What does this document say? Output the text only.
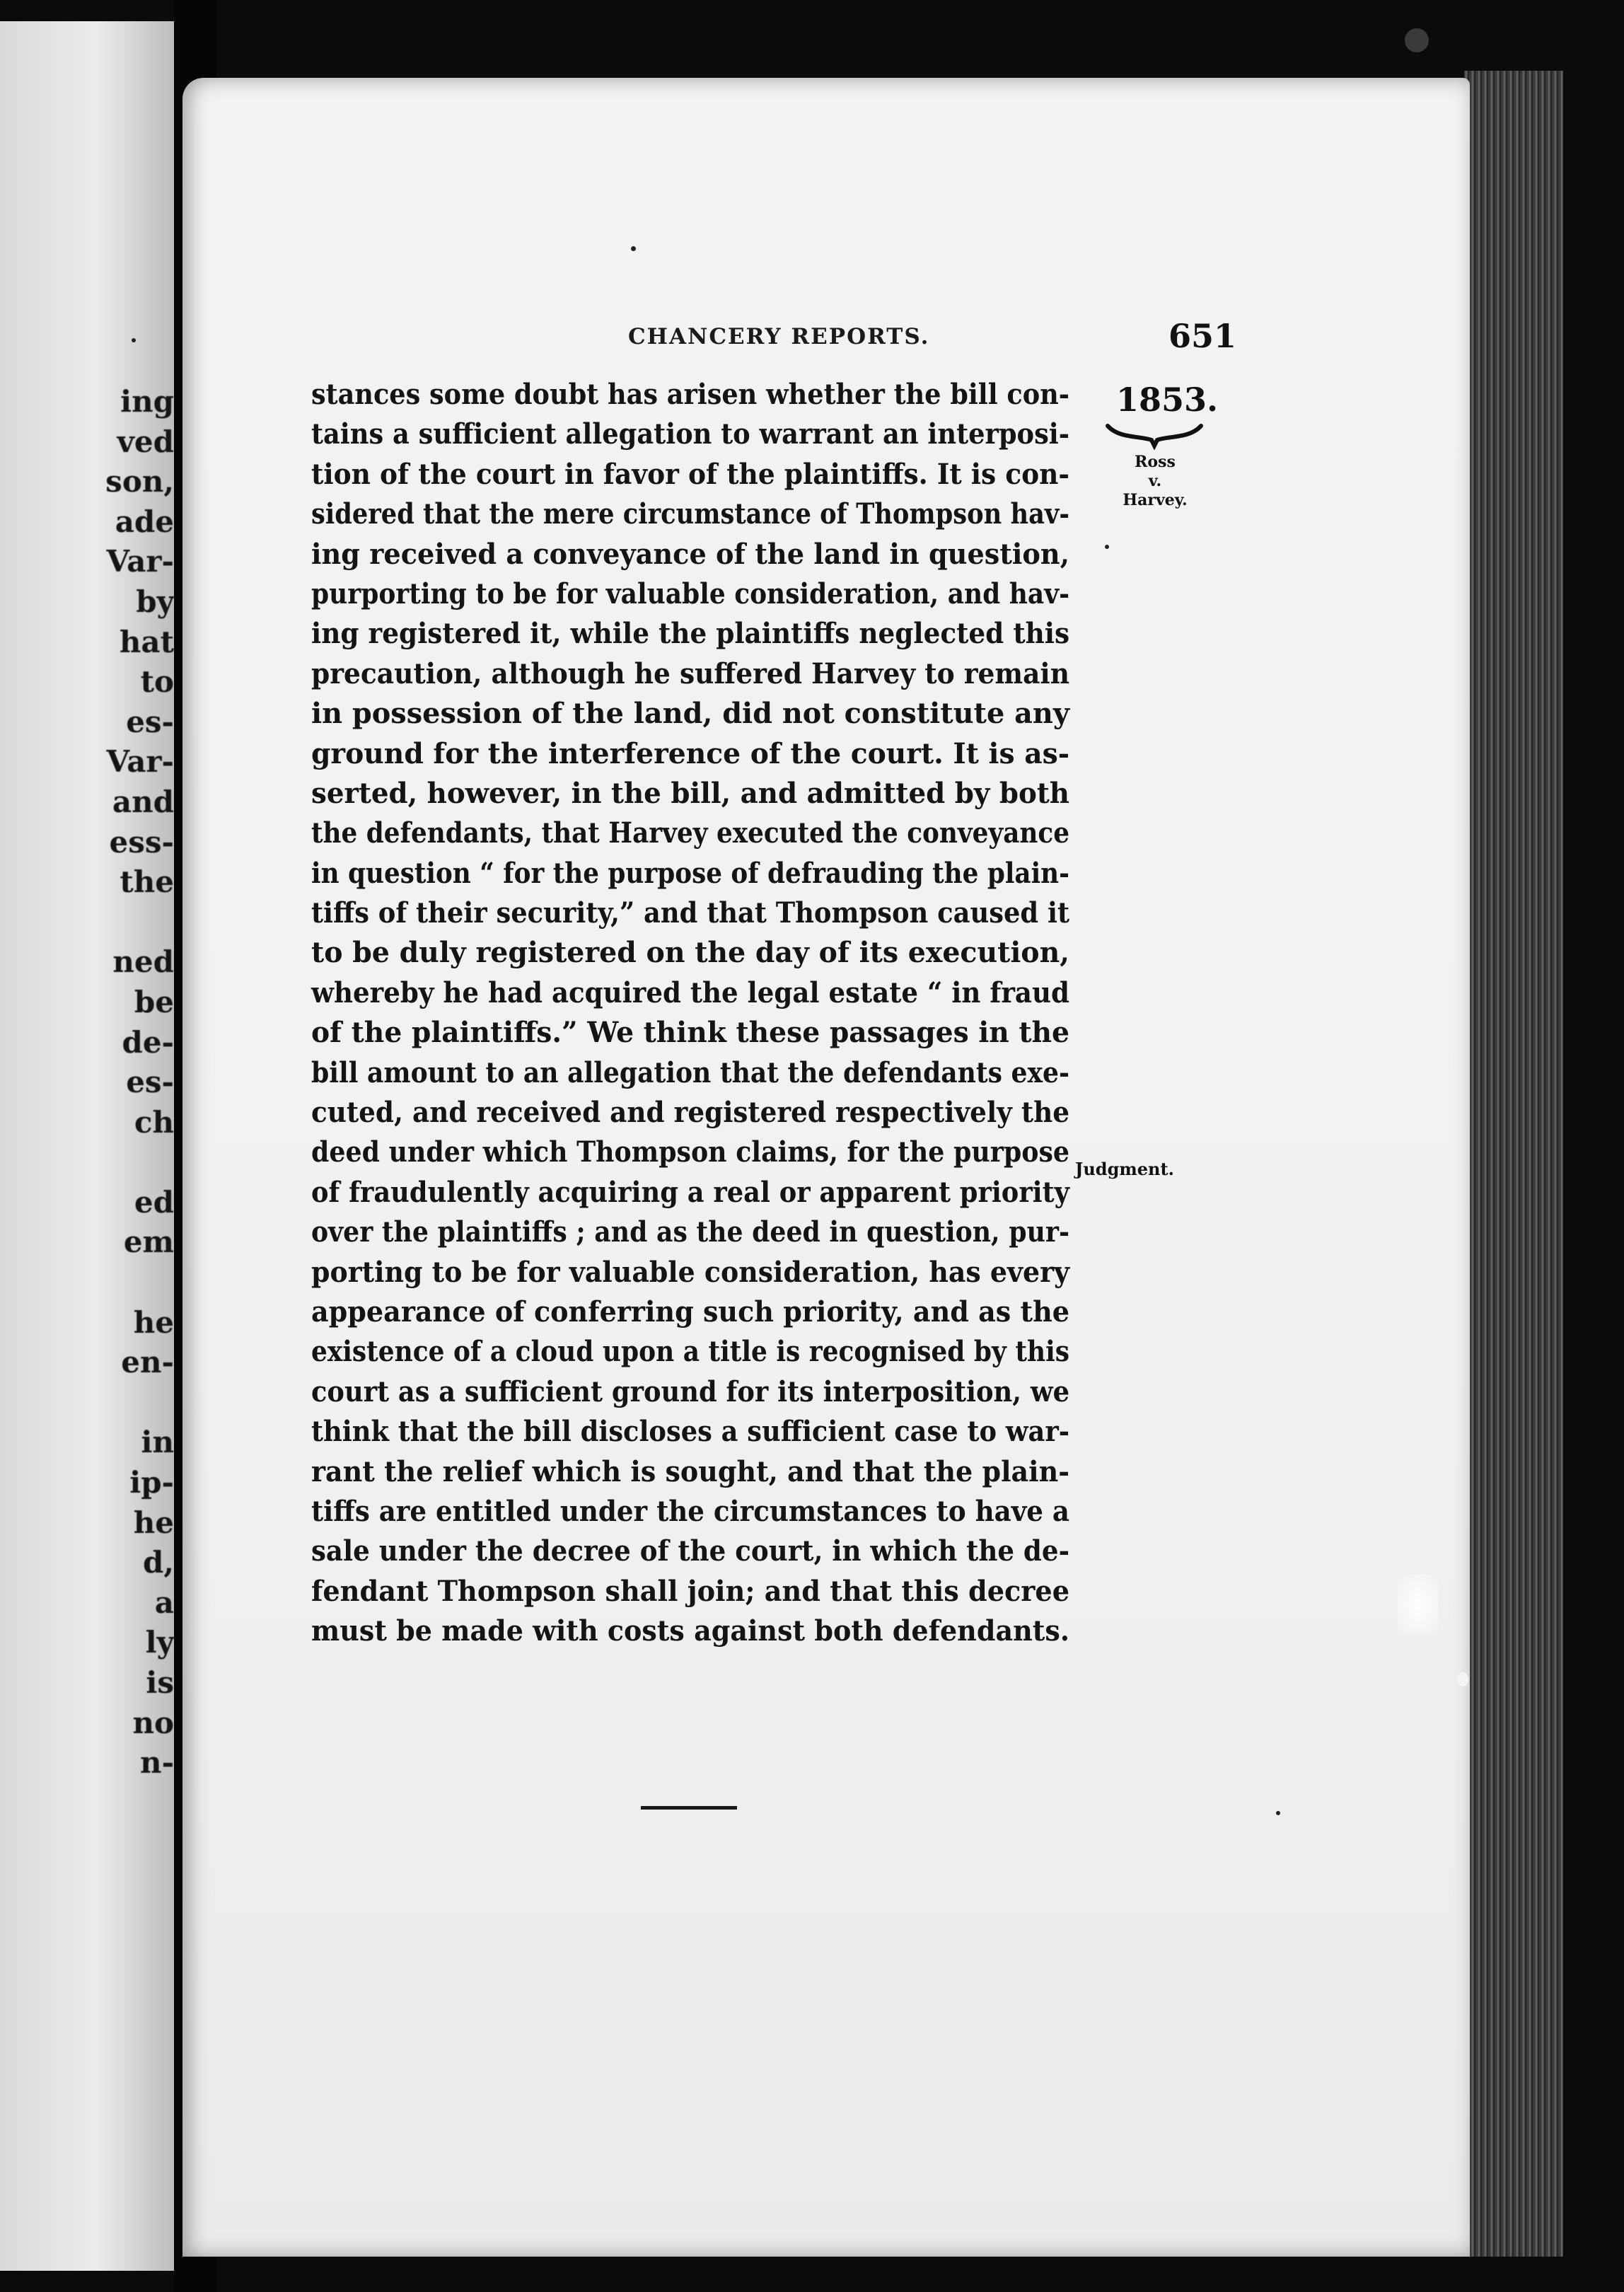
ing
ved
son,
ade
Var-
by
hat
to
es-
Var-
and
ess-
the
ned
be
de-
es-
ch
ed
em
he
en-
in
ip-
he
d,
a
ly
is
no
n-
CHANCERY REPORTS.	651
1853.
Ross
v.
Harvey.
Judgment.
stances some doubt has arisen whether the bill con-
tains a sufficient allegation to warrant an interposi-
tion of the court in favor of the plaintiffs. It is con-
sidered that the mere circumstance of Thompson hav-
ing received a conveyance of the land in question,
purporting to be for valuable consideration, and hav-
ing registered it, while the plaintiffs neglected this
precaution, although he suffered Harvey to remain
in possession of the land, did not constitute any
ground for the interference of the court. It is as-
serted, however, in the bill, and admitted by both
the defendants, that Harvey executed the conveyance
in question “ for the purpose of defrauding the plain-
tiffs of their security,” and that Thompson caused it
to be duly registered on the day of its execution,
whereby he had acquired the legal estate “ in fraud
of the plaintiffs.” We think these passages in the
bill amount to an allegation that the defendants exe-
cuted, and received and registered respectively the
deed under which Thompson claims, for the purpose
of fraudulently acquiring a real or apparent priority
over the plaintiffs ; and as the deed in question, pur-
porting to be for valuable consideration, has every
appearance of conferring such priority, and as the
existence of a cloud upon a title is recognised by this
court as a sufficient ground for its interposition, we
think that the bill discloses a sufficient case to war-
rant the relief which is sought, and that the plain-
tiffs are entitled under the circumstances to have a
sale under the decree of the court, in which the de-
fendant Thompson shall join; and that this decree
must be made with costs against both defendants.
